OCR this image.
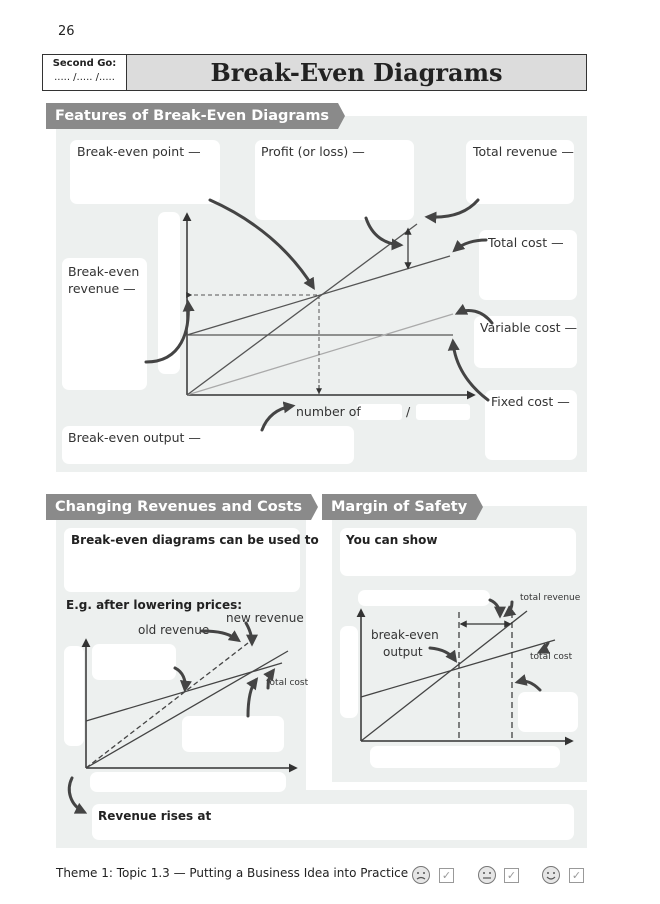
26
Second Go:
..... /..... /.....	Break-Even Diagrams
Features of Break-Even Diagrams
Break-even point —	Profit (or loss) —	Total revenue —
Total cost —
Break-even
revenue —
Variable cost —
Fixed cost —
number of	/
Break-even output —
Changing Revenues and Costs
Break-even diagrams can be used to
E.g. after lowering prices:
new revenue
old revenue
total cost
Revenue rises at
Margin of Safety
You can show
total revenue
total cost
break-even
output
Theme 1: Topic 1.3 — Putting a Business Idea into Practice	✓	✓	✓
